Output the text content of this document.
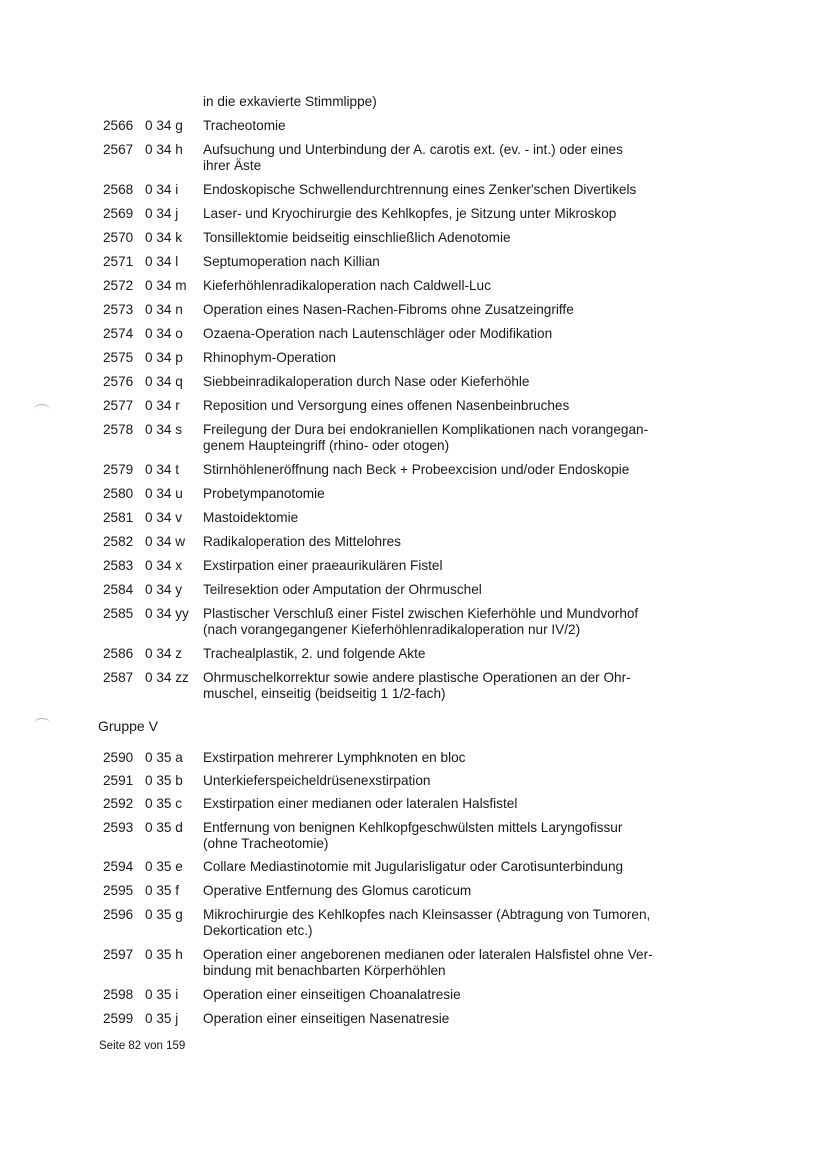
in die exkavierte Stimmlippe)
2566 0 34 g	Tracheotomie
2567 0 34 h	Aufsuchung und Unterbindung der A. carotis ext. (ev. - int.) oder eines
ihrer Äste
2568 0 34 i	Endoskopische Schwellendurchtrennung eines Zenker'schen Divertikels
2569 0 34 j	Laser- und Kryochirurgie des Kehlkopfes, je Sitzung unter Mikroskop
2570 0 34 k	Tonsillektomie beidseitig einschließlich Adenotomie
2571 0 34 l	Septumoperation nach Killian
2572 0 34 m	Kieferhöhlenradikaloperation nach Caldwell-Luc
2573 0 34 n	Operation eines Nasen-Rachen-Fibroms ohne Zusatzeingriffe
2574 0 34 o	Ozaena-Operation nach Lautenschläger oder Modifikation
2575 0 34 p	Rhinophym-Operation
2576 0 34 q	Siebbeinradikaloperation durch Nase oder Kieferhöhle
2577 0 34 r	Reposition und Versorgung eines offenen Nasenbeinbruches
2578 0 34 s	Freilegung der Dura bei endokraniellen Komplikationen nach vorangegan-
genem Haupteingriff (rhino- oder otogen)
2579 0 34 t	Stirnhöhleneröffnung nach Beck + Probeexcision und/oder Endoskopie
2580 0 34 u	Probetympanotomie
2581 0 34 v	Mastoidektomie
2582 0 34 w	Radikaloperation des Mittelohres
2583 0 34 x	Exstirpation einer praeaurikulären Fistel
2584 0 34 y	Teilresektion oder Amputation der Ohrmuschel
2585 0 34 yy	Plastischer Verschluß einer Fistel zwischen Kieferhöhle und Mundvorhof
(nach vorangegangener Kieferhöhlenradikaloperation nur IV/2)
2586 0 34 z	Trachealplastik, 2. und folgende Akte
2587 0 34 zz	Ohrmuschelkorrektur sowie andere plastische Operationen an der Ohr-
muschel, einseitig (beidseitig 1 1/2-fach)
Gruppe V
2590 0 35 a	Exstirpation mehrerer Lymphknoten en bloc
2591 0 35 b	Unterkieferspeicheldrüsenexstirpation
2592 0 35 c	Exstirpation einer medianen oder lateralen Halsfistel
2593 0 35 d	Entfernung von benignen Kehlkopfgeschwülsten mittels Laryngofissur
(ohne Tracheotomie)
2594 0 35 e	Collare Mediastinotomie mit Jugularisligatur oder Carotisunterbindung
2595 0 35 f	Operative Entfernung des Glomus caroticum
2596 0 35 g	Mikrochirurgie des Kehlkopfes nach Kleinsasser (Abtragung von Tumoren,
Dekortication etc.)
2597 0 35 h	Operation einer angeborenen medianen oder lateralen Halsfistel ohne Ver-
bindung mit benachbarten Körperhöhlen
2598 0 35 i	Operation einer einseitigen Choanalatresie
2599 0 35 j	Operation einer einseitigen Nasenatresie
Seite 82 von 159
